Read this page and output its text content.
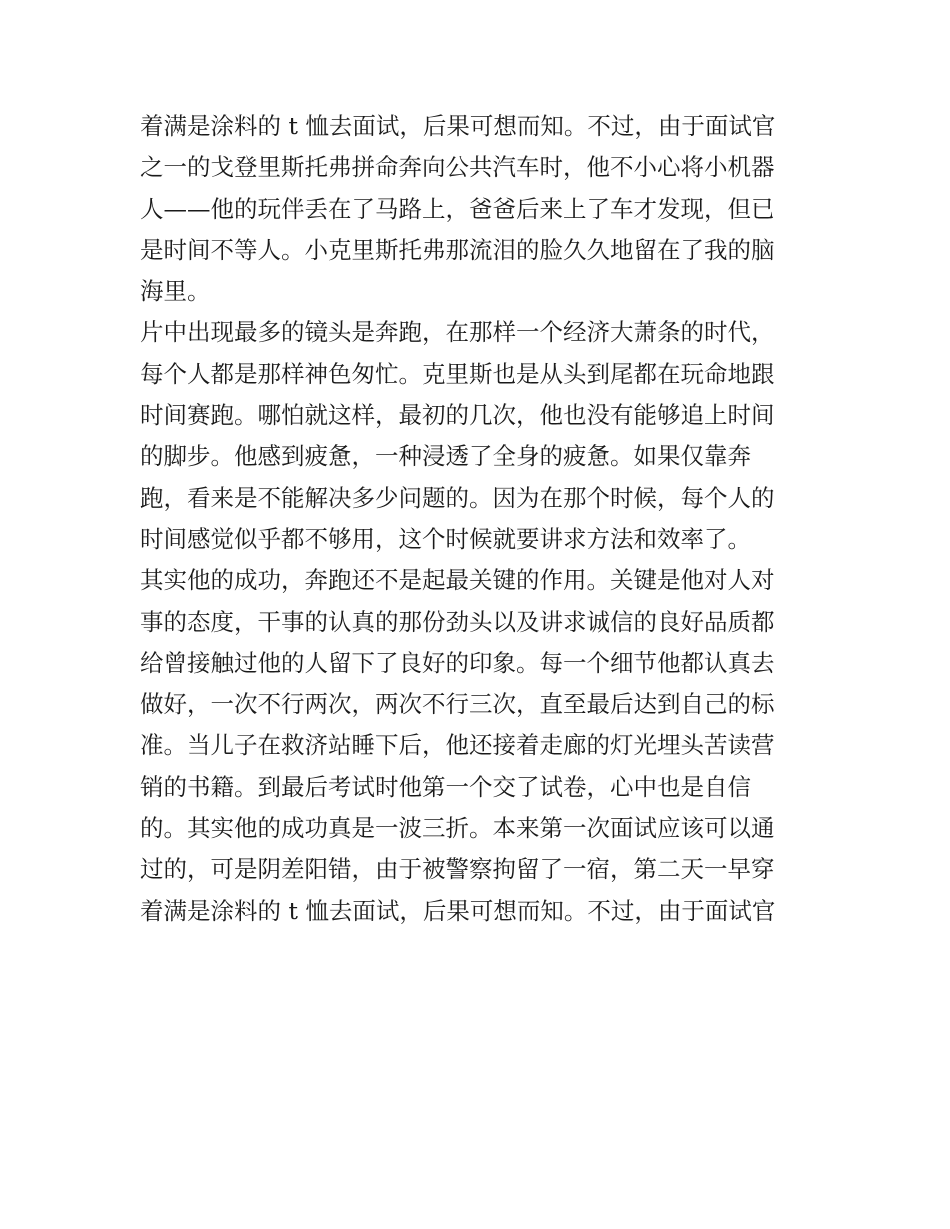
着满是涂料的 t 恤去面试，后果可想而知。不过，由于面试官
之一的戈登里斯托弗拼命奔向公共汽车时，他不小心将小机器
人——他的玩伴丢在了马路上，爸爸后来上了车才发现，但已
是时间不等人。小克里斯托弗那流泪的脸久久地留在了我的脑
海里。
片中出现最多的镜头是奔跑，在那样一个经济大萧条的时代，
每个人都是那样神色匆忙。克里斯也是从头到尾都在玩命地跟
时间赛跑。哪怕就这样，最初的几次，他也没有能够追上时间
的脚步。他感到疲惫，一种浸透了全身的疲惫。如果仅靠奔
跑，看来是不能解决多少问题的。因为在那个时候，每个人的
时间感觉似乎都不够用，这个时候就要讲求方法和效率了。
其实他的成功，奔跑还不是起最关键的作用。关键是他对人对
事的态度，干事的认真的那份劲头以及讲求诚信的良好品质都
给曾接触过他的人留下了良好的印象。每一个细节他都认真去
做好，一次不行两次，两次不行三次，直至最后达到自己的标
准。当儿子在救济站睡下后，他还接着走廊的灯光埋头苦读营
销的书籍。到最后考试时他第一个交了试卷，心中也是自信
的。其实他的成功真是一波三折。本来第一次面试应该可以通
过的，可是阴差阳错，由于被警察拘留了一宿，第二天一早穿
着满是涂料的 t 恤去面试，后果可想而知。不过，由于面试官
